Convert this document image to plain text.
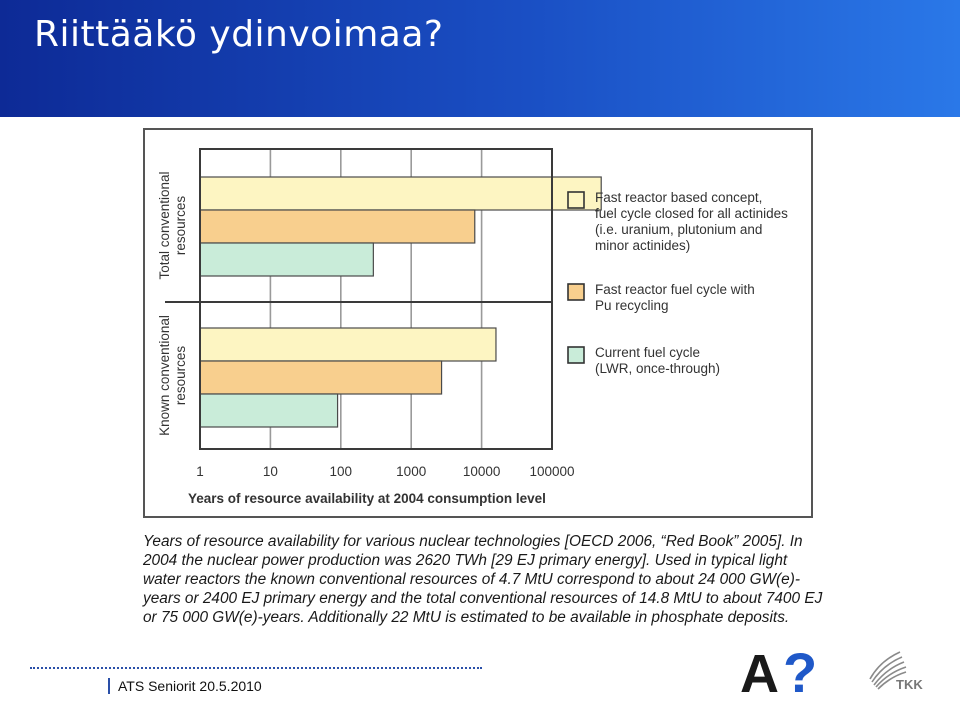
Riittääkö ydinvoimaa?
Total conventionalresources
Known conventionalresources
1	10	100	1000	10000 100000
Years of resource availability at 2004 consumption level
Fast reactor based concept, fuel cycle closed for all actinides (i.e. uranium, plutonium and minor actinides)
Fast reactor fuel cycle with Pu recycling
Current fuel cycle (LWR, once-through)
Years of resource availability for various nuclear technologies [OECD 2006, “Red Book” 2005]. In 2004 the nuclear power production was 2620 TWh [29 EJ primary energy]. Used in typical light water reactors the known conventional resources of 4.7 MtU correspond to about 24 000 GW(e)-years or 2400 EJ primary energy and the total conventional resources of 14.8 MtU to about 7400 EJ or 75 000 GW(e)-years. Additionally 22 MtU is estimated to be available in phosphate deposits.
ATS Seniorit 20.5.2010	A ?	TKK
